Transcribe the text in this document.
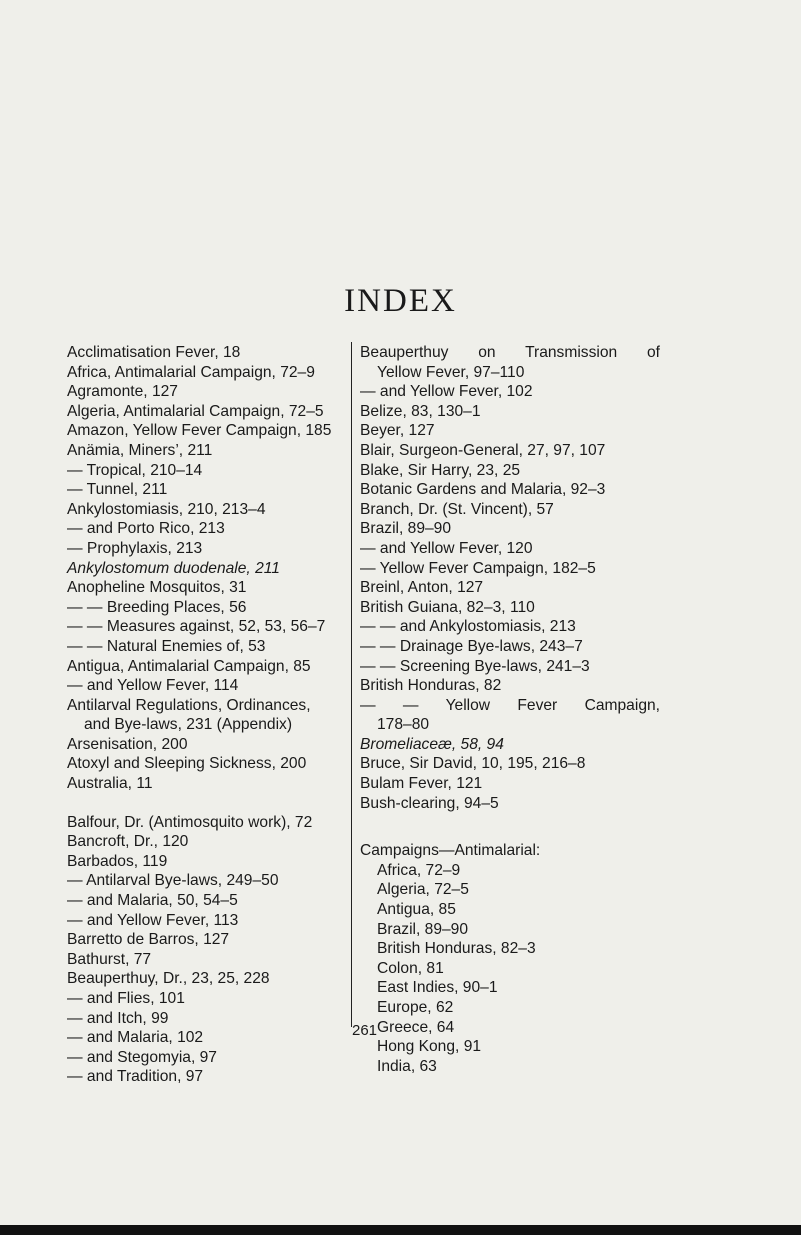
INDEX
Acclimatisation Fever, 18
Africa, Antimalarial Campaign, 72–9
Agramonte, 127
Algeria, Antimalarial Campaign, 72–5
Amazon, Yellow Fever Campaign, 185
Anämia, Miners’, 211
— Tropical, 210–14
— Tunnel, 211
Ankylostomiasis, 210, 213–4
— and Porto Rico, 213
— Prophylaxis, 213
Ankylostomum duodenale, 211
Anopheline Mosquitos, 31
— — Breeding Places, 56
— — Measures against, 52, 53, 56–7
— — Natural Enemies of, 53
Antigua, Antimalarial Campaign, 85
— and Yellow Fever, 114
Antilarval Regulations, Ordinances,
and Bye-laws, 231 (Appendix)
Arsenisation, 200
Atoxyl and Sleeping Sickness, 200
Australia, 11
Balfour, Dr. (Antimosquito work), 72
Bancroft, Dr., 120
Barbados, 119
— Antilarval Bye-laws, 249–50
— and Malaria, 50, 54–5
— and Yellow Fever, 113
Barretto de Barros, 127
Bathurst, 77
Beauperthuy, Dr., 23, 25, 228
— and Flies, 101
— and Itch, 99
— and Malaria, 102
— and Stegomyia, 97
— and Tradition, 97
Beauperthuy on Transmission of
Yellow Fever, 97–110
— and Yellow Fever, 102
Belize, 83, 130–1
Beyer, 127
Blair, Surgeon-General, 27, 97, 107
Blake, Sir Harry, 23, 25
Botanic Gardens and Malaria, 92–3
Branch, Dr. (St. Vincent), 57
Brazil, 89–90
— and Yellow Fever, 120
— Yellow Fever Campaign, 182–5
Breinl, Anton, 127
British Guiana, 82–3, 110
— — and Ankylostomiasis, 213
— — Drainage Bye-laws, 243–7
— — Screening Bye-laws, 241–3
British Honduras, 82
— — Yellow Fever Campaign,
178–80
Bromeliaceæ, 58, 94
Bruce, Sir David, 10, 195, 216–8
Bulam Fever, 121
Bush-clearing, 94–5
Campaigns—Antimalarial:
Africa, 72–9
Algeria, 72–5
Antigua, 85
Brazil, 89–90
British Honduras, 82–3
Colon, 81
East Indies, 90–1
Europe, 62
Greece, 64
Hong Kong, 91
India, 63
261
